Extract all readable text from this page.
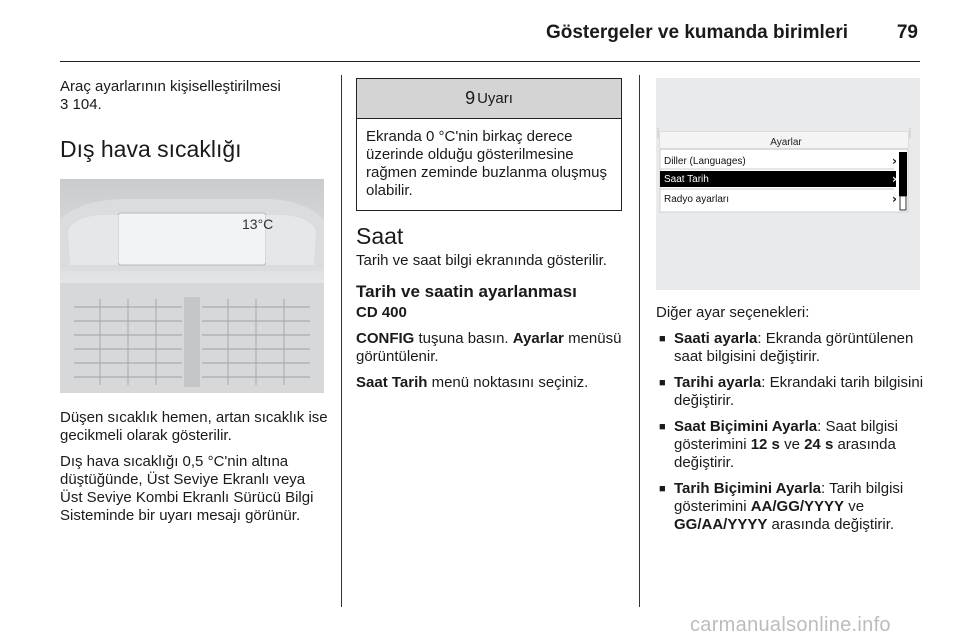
Göstergeler ve kumanda birimleri	79

Araç ayarlarının kişiselleştirilmesi
3 104.

Dış hava sıcaklığı
13°C

Düşen sıcaklık hemen, artan sıcaklık ise gecikmeli olarak gösterilir.

Dış hava sıcaklığı 0,5 °C'nin altına düştüğünde, Üst Seviye Ekranlı veya Üst Seviye Kombi Ekranlı Sürücü Bilgi Sisteminde bir uyarı mesajı görünür.

9 Uyarı
Ekranda 0 °C'nin birkaç derece üzerinde olduğu gösterilmesine rağmen zeminde buzlanma oluşmuş olabilir.
Saat

Tarih ve saat bilgi ekranında gösterilir.

Tarih ve saatin ayarlanması

CD 400

CONFIG tuşuna basın. Ayarlar menüsü görüntülenir.

Saat Tarih menü noktasını seçiniz.

Ayarlar
Diller (Languages)	›
Saat Tarih	›
Radyo ayarları	›

Diğer ayar seçenekleri:

■ Saati ayarla: Ekranda görüntülenen saat bilgisini değiştirir.
■ Tarihi ayarla: Ekrandaki tarih bilgisini değiştirir.
■ Saat Biçimini Ayarla: Saat bilgisi gösterimini 12 s ve 24 s arasında değiştirir.
■ Tarih Biçimini Ayarla: Tarih bilgisi gösterimini AA/GG/YYYY ve GG/AA/YYYY arasında değiştirir.
carmanualsonline.info
